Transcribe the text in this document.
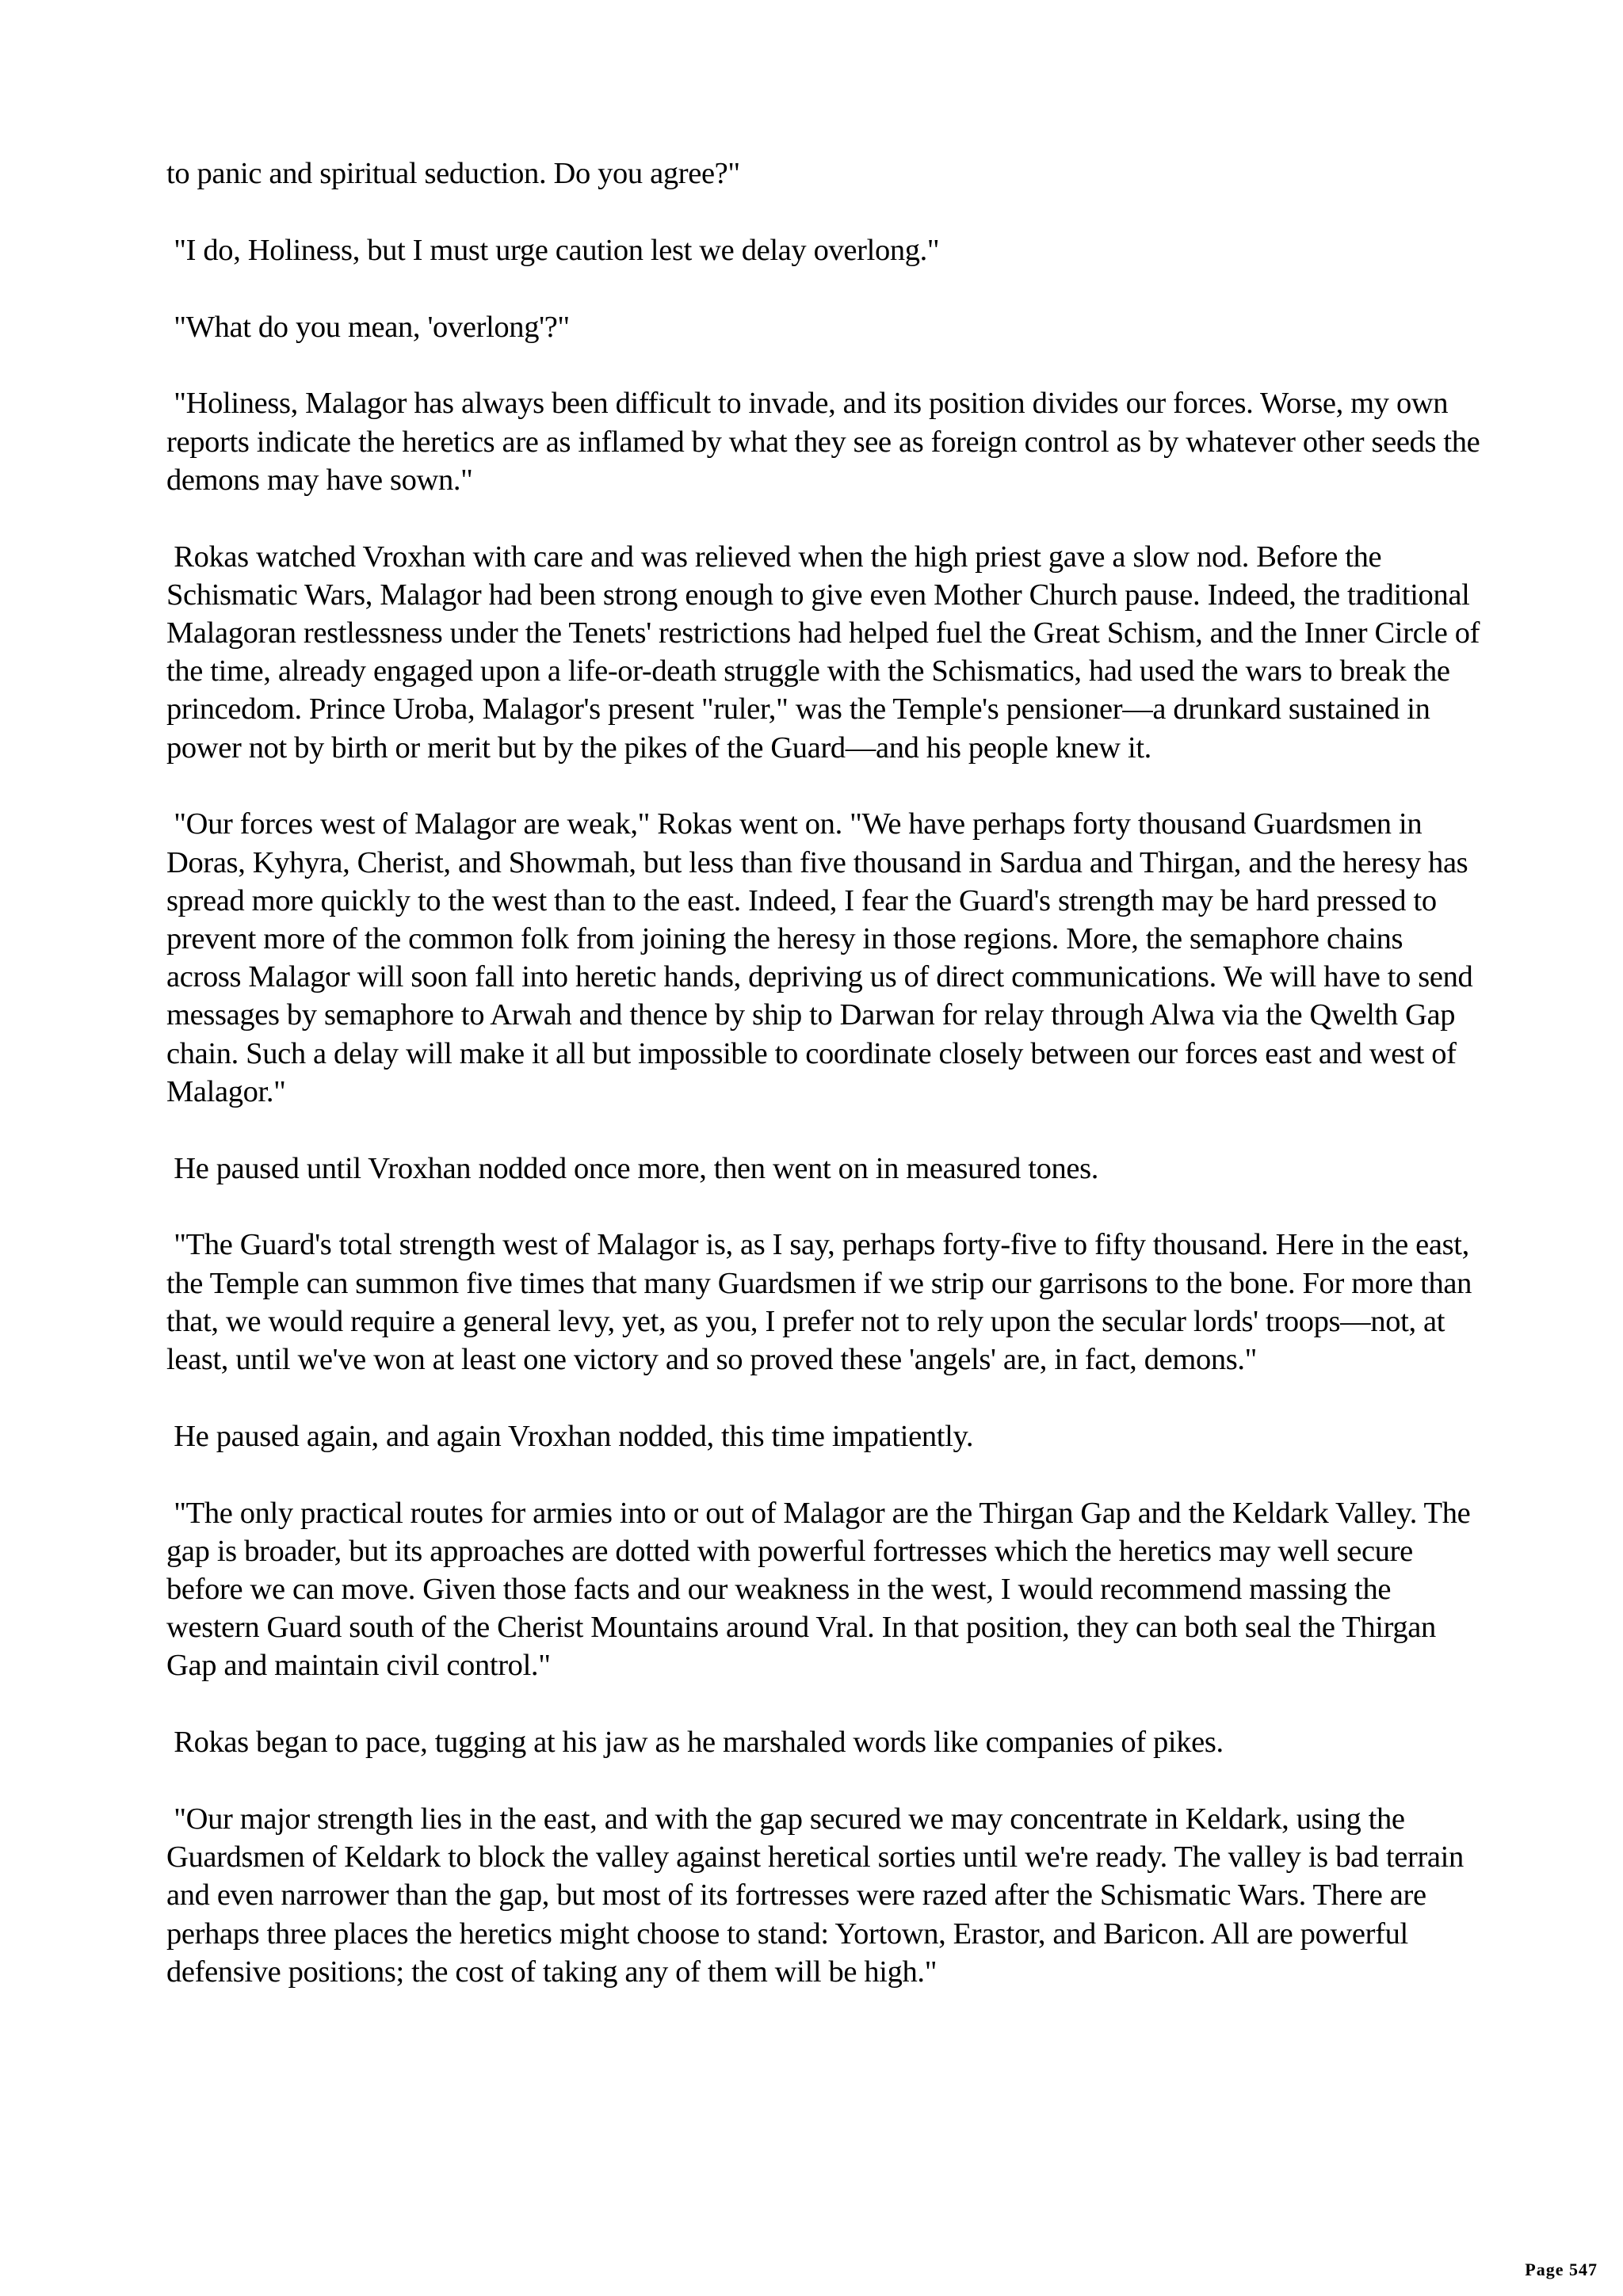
to panic and spiritual seduction. Do you agree?"

"I do, Holiness, but I must urge caution lest we delay overlong."

"What do you mean, 'overlong'?"

"Holiness, Malagor has always been difficult to invade, and its position divides our forces. Worse, my own reports indicate the heretics are as inflamed by what they see as foreign control as by whatever other seeds the demons may have sown."

Rokas watched Vroxhan with care and was relieved when the high priest gave a slow nod. Before the Schismatic Wars, Malagor had been strong enough to give even Mother Church pause. Indeed, the traditional Malagoran restlessness under the Tenets' restrictions had helped fuel the Great Schism, and the Inner Circle of the time, already engaged upon a life-or-death struggle with the Schismatics, had used the wars to break the princedom. Prince Uroba, Malagor's present "ruler," was the Temple's pensioner—a drunkard sustained in power not by birth or merit but by the pikes of the Guard—and his people knew it.

"Our forces west of Malagor are weak," Rokas went on. "We have perhaps forty thousand Guardsmen in Doras, Kyhyra, Cherist, and Showmah, but less than five thousand in Sardua and Thirgan, and the heresy has spread more quickly to the west than to the east. Indeed, I fear the Guard's strength may be hard pressed to prevent more of the common folk from joining the heresy in those regions. More, the semaphore chains across Malagor will soon fall into heretic hands, depriving us of direct communications. We will have to send messages by semaphore to Arwah and thence by ship to Darwan for relay through Alwa via the Qwelth Gap chain. Such a delay will make it all but impossible to coordinate closely between our forces east and west of Malagor."

He paused until Vroxhan nodded once more, then went on in measured tones.

"The Guard's total strength west of Malagor is, as I say, perhaps forty-five to fifty thousand. Here in the east, the Temple can summon five times that many Guardsmen if we strip our garrisons to the bone. For more than that, we would require a general levy, yet, as you, I prefer not to rely upon the secular lords' troops—not, at least, until we've won at least one victory and so proved these 'angels' are, in fact, demons."

He paused again, and again Vroxhan nodded, this time impatiently.

"The only practical routes for armies into or out of Malagor are the Thirgan Gap and the Keldark Valley. The gap is broader, but its approaches are dotted with powerful fortresses which the heretics may well secure before we can move. Given those facts and our weakness in the west, I would recommend massing the western Guard south of the Cherist Mountains around Vral. In that position, they can both seal the Thirgan Gap and maintain civil control."

Rokas began to pace, tugging at his jaw as he marshaled words like companies of pikes.

"Our major strength lies in the east, and with the gap secured we may concentrate in Keldark, using the Guardsmen of Keldark to block the valley against heretical sorties until we're ready. The valley is bad terrain and even narrower than the gap, but most of its fortresses were razed after the Schismatic Wars. There are perhaps three places the heretics might choose to stand: Yortown, Erastor, and Baricon. All are powerful defensive positions; the cost of taking any of them will be high."

Page 547
